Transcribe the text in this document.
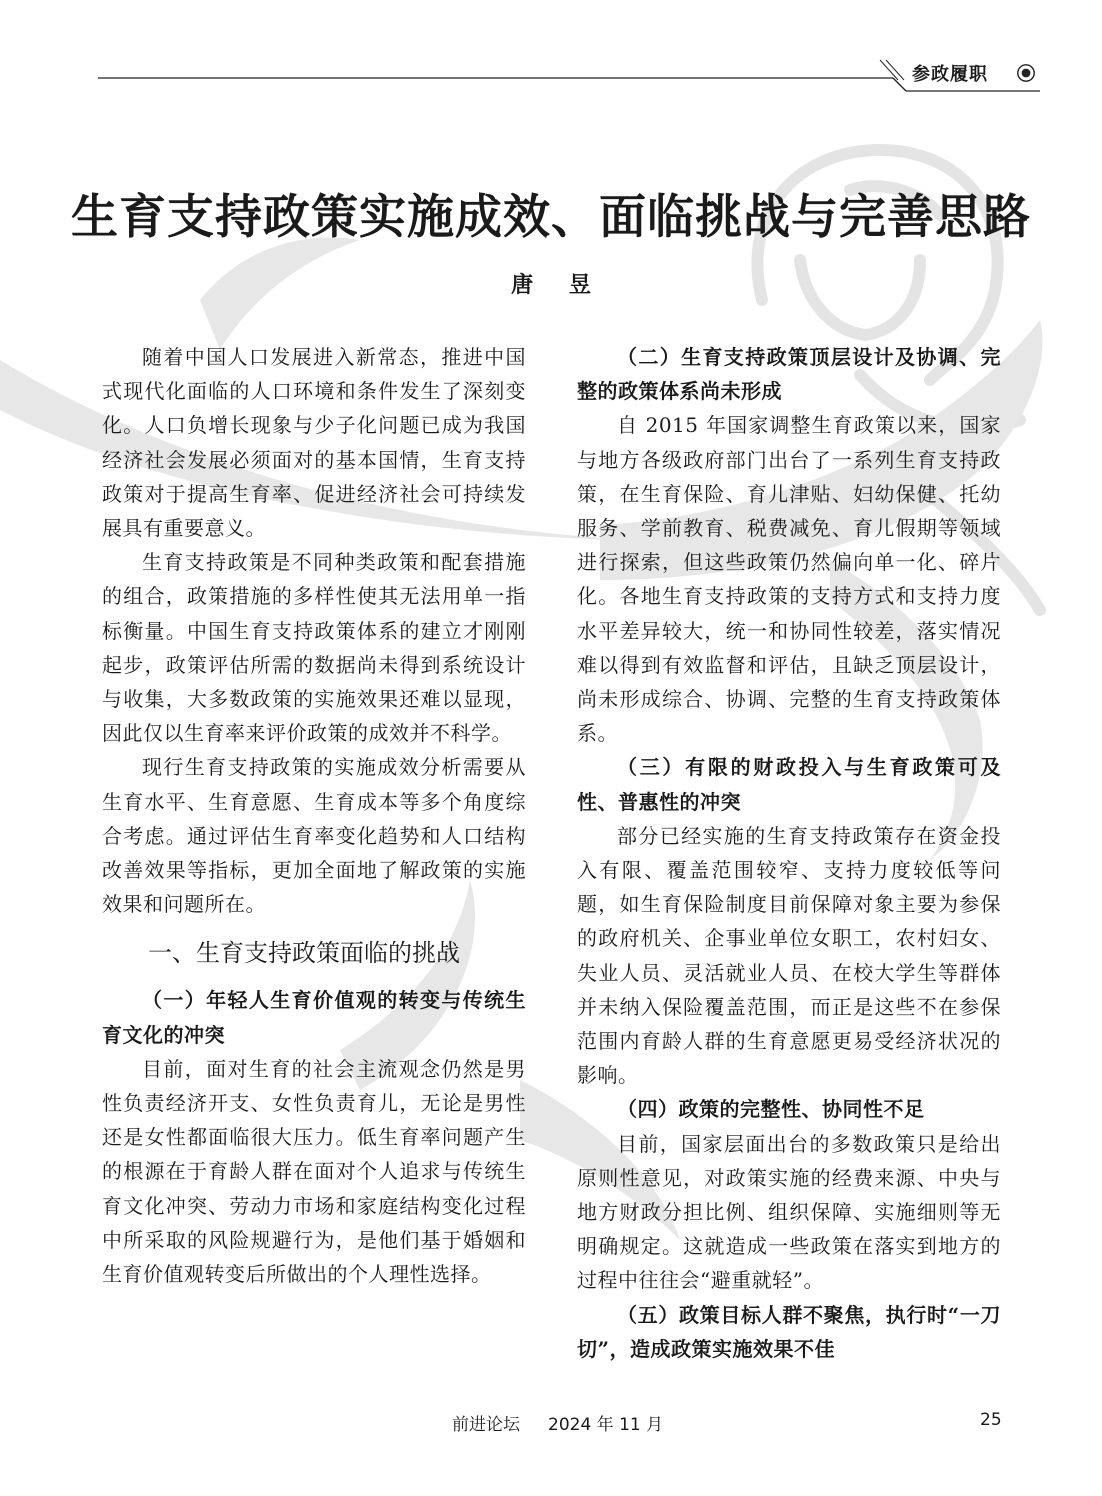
参政履职
生育支持政策实施成效、面临挑战与完善思路
唐 昱

随着中国人口发展进入新常态，推进中国式现代化面临的人口环境和条件发生了深刻变化。人口负增长现象与少子化问题已成为我国经济社会发展必须面对的基本国情，生育支持政策对于提高生育率、促进经济社会可持续发展具有重要意义。

生育支持政策是不同种类政策和配套措施的组合，政策措施的多样性使其无法用单一指标衡量。中国生育支持政策体系的建立才刚刚起步，政策评估所需的数据尚未得到系统设计与收集，大多数政策的实施效果还难以显现，因此仅以生育率来评价政策的成效并不科学。

现行生育支持政策的实施成效分析需要从生育水平、生育意愿、生育成本等多个角度综合考虑。通过评估生育率变化趋势和人口结构改善效果等指标，更加全面地了解政策的实施效果和问题所在。

一、生育支持政策面临的挑战

（一）年轻人生育价值观的转变与传统生育文化的冲突

目前，面对生育的社会主流观念仍然是男性负责经济开支、女性负责育儿，无论是男性还是女性都面临很大压力。低生育率问题产生的根源在于育龄人群在面对个人追求与传统生育文化冲突、劳动力市场和家庭结构变化过程中所采取的风险规避行为，是他们基于婚姻和生育价值观转变后所做出的个人理性选择。

（二）生育支持政策顶层设计及协调、完整的政策体系尚未形成

自 2015 年国家调整生育政策以来，国家与地方各级政府部门出台了一系列生育支持政策，在生育保险、育儿津贴、妇幼保健、托幼服务、学前教育、税费减免、育儿假期等领域进行探索，但这些政策仍然偏向单一化、碎片化。各地生育支持政策的支持方式和支持力度水平差异较大，统一和协同性较差，落实情况难以得到有效监督和评估，且缺乏顶层设计，尚未形成综合、协调、完整的生育支持政策体系。

（三）有限的财政投入与生育政策可及性、普惠性的冲突

部分已经实施的生育支持政策存在资金投入有限、覆盖范围较窄、支持力度较低等问题，如生育保险制度目前保障对象主要为参保的政府机关、企事业单位女职工，农村妇女、失业人员、灵活就业人员、在校大学生等群体并未纳入保险覆盖范围，而正是这些不在参保范围内育龄人群的生育意愿更易受经济状况的影响。

（四）政策的完整性、协同性不足

目前，国家层面出台的多数政策只是给出原则性意见，对政策实施的经费来源、中央与地方财政分担比例、组织保障、实施细则等无明确规定。这就造成一些政策在落实到地方的过程中往往会“避重就轻”。

（五）政策目标人群不聚焦，执行时“一刀切”，造成政策实施效果不佳

前进论坛 2024 年 11 月	25
